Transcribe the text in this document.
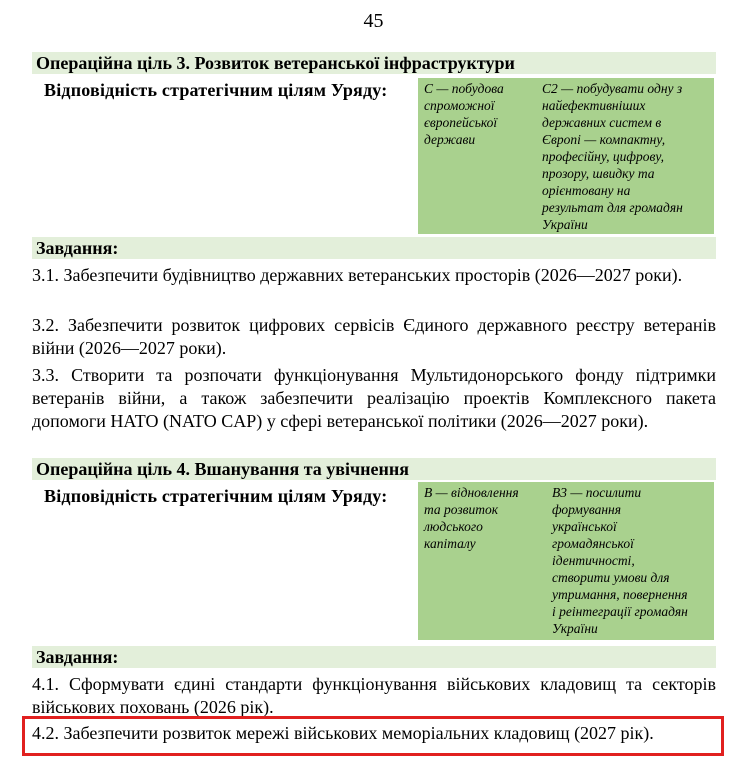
45
Операційна ціль 3. Розвиток ветеранської інфраструктури
Відповідність стратегічним цілям Уряду:	С — побудова
спроможної
європейської
держави
С2 — побудувати одну з
найефективніших
державних систем в
Європі — компактну,
професійну, цифрову,
прозору, швидку та
орієнтовану на
результат для громадян
України
Завдання:
3.1. Забезпечити будівництво державних ветеранських просторів (2026—2027 роки).
3.2. Забезпечити розвиток цифрових сервісів Єдиного державного реєстру ветеранів війни (2026—2027 роки).
3.3. Створити та розпочати функціонування Мультидонорського фонду підтримки ветеранів війни, а також забезпечити реалізацію проектів Комплексного пакета допомоги НАТО (NATO CAP) у сфері ветеранської політики (2026—2027 роки).
Операційна ціль 4. Вшанування та увічнення
Відповідність стратегічним цілям Уряду:	В — відновлення
та розвиток
людського
капіталу
В3 — посилити
формування
української
громадянської
ідентичності,
створити умови для
утримання, повернення
і реінтеграції громадян
України
Завдання:
4.1. Сформувати єдині стандарти функціонування військових кладовищ та секторів військових поховань (2026 рік).
4.2. Забезпечити розвиток мережі військових меморіальних кладовищ (2027 рік).
